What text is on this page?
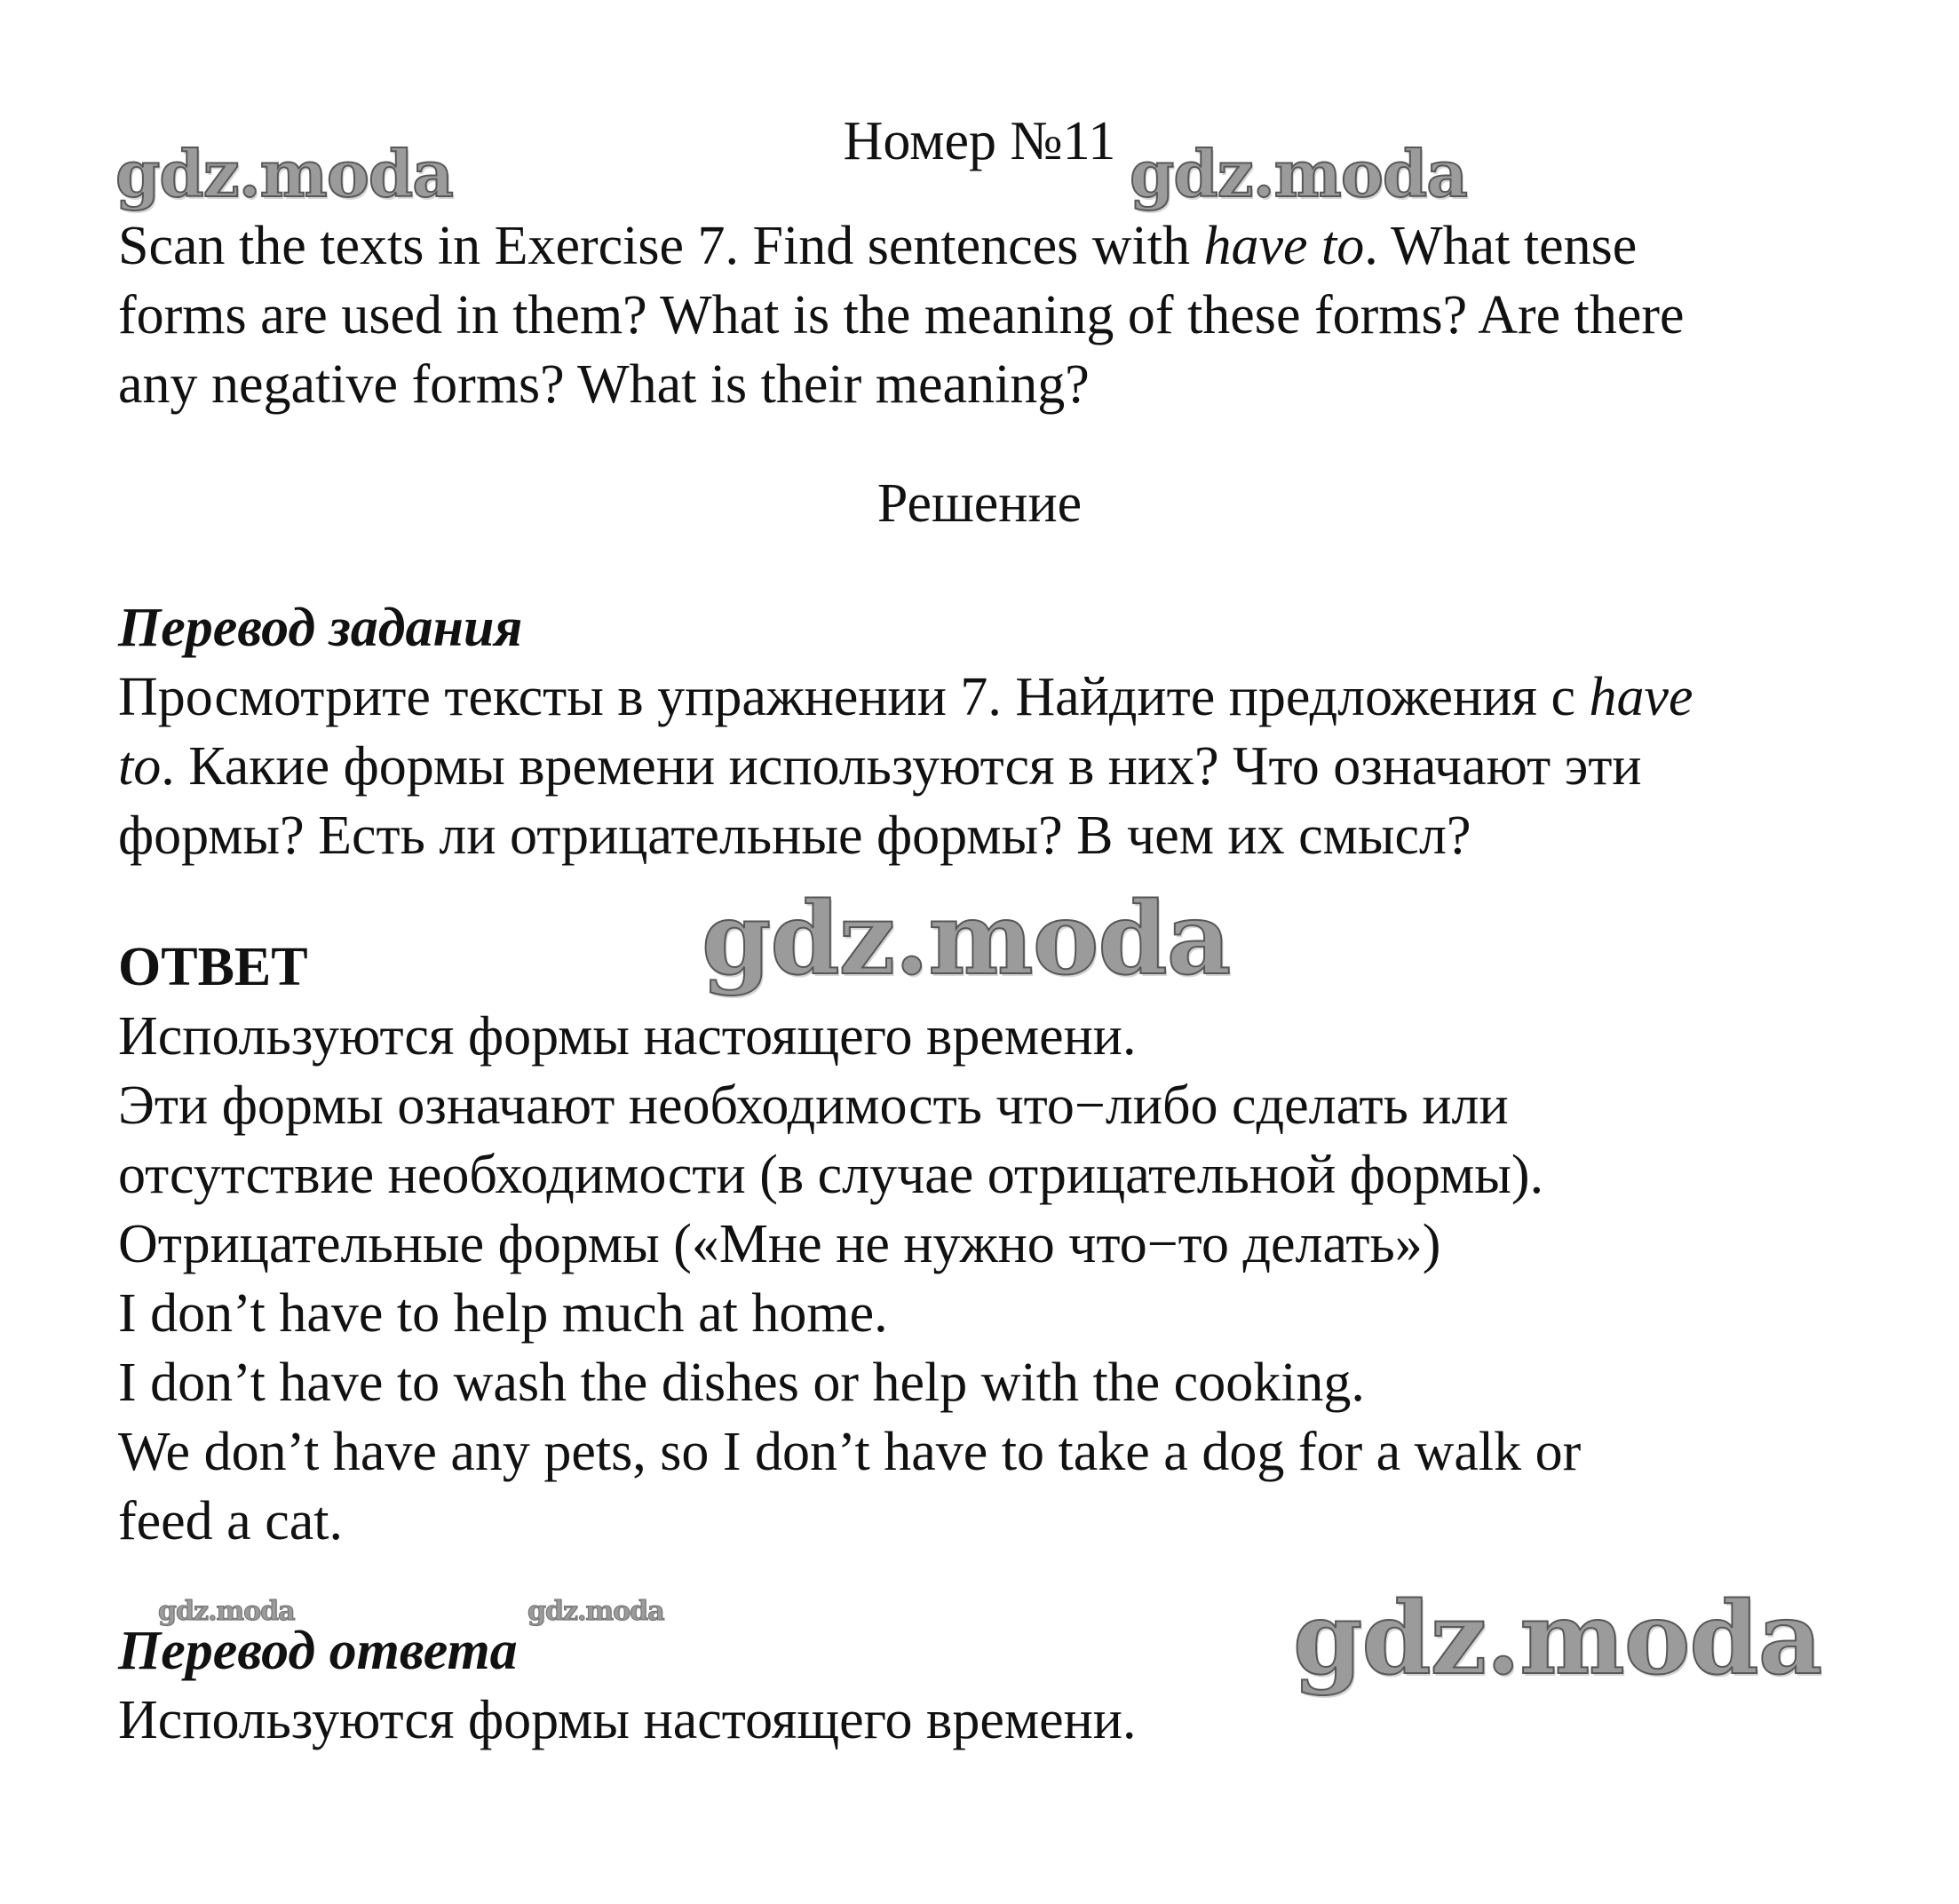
Номер №11

Scan the texts in Exercise 7. Find sentences with have to. What tense

forms are used in them? What is the meaning of these forms? Are there

any negative forms? What is their meaning?

Решение

Перевод задания

Просмотрите тексты в упражнении 7. Найдите предложения с have

to. Какие формы времени используются в них? Что означают эти

формы? Есть ли отрицательные формы? В чем их смысл?

ОТВЕТ

Используются формы настоящего времени.

Эти формы означают необходимость что−либо сделать или

отсутствие необходимости (в случае отрицательной формы).

Отрицательные формы («Мне не нужно что−то делать»)

I don’t have to help much at home.

I don’t have to wash the dishes or help with the cooking.

We don’t have any pets, so I don’t have to take a dog for a walk or

feed a cat.

Перевод ответа

Используются формы настоящего времени.

gdz.moda	gdz.moda

gdz.moda

gdz.moda	gdz.moda	gdz.moda
